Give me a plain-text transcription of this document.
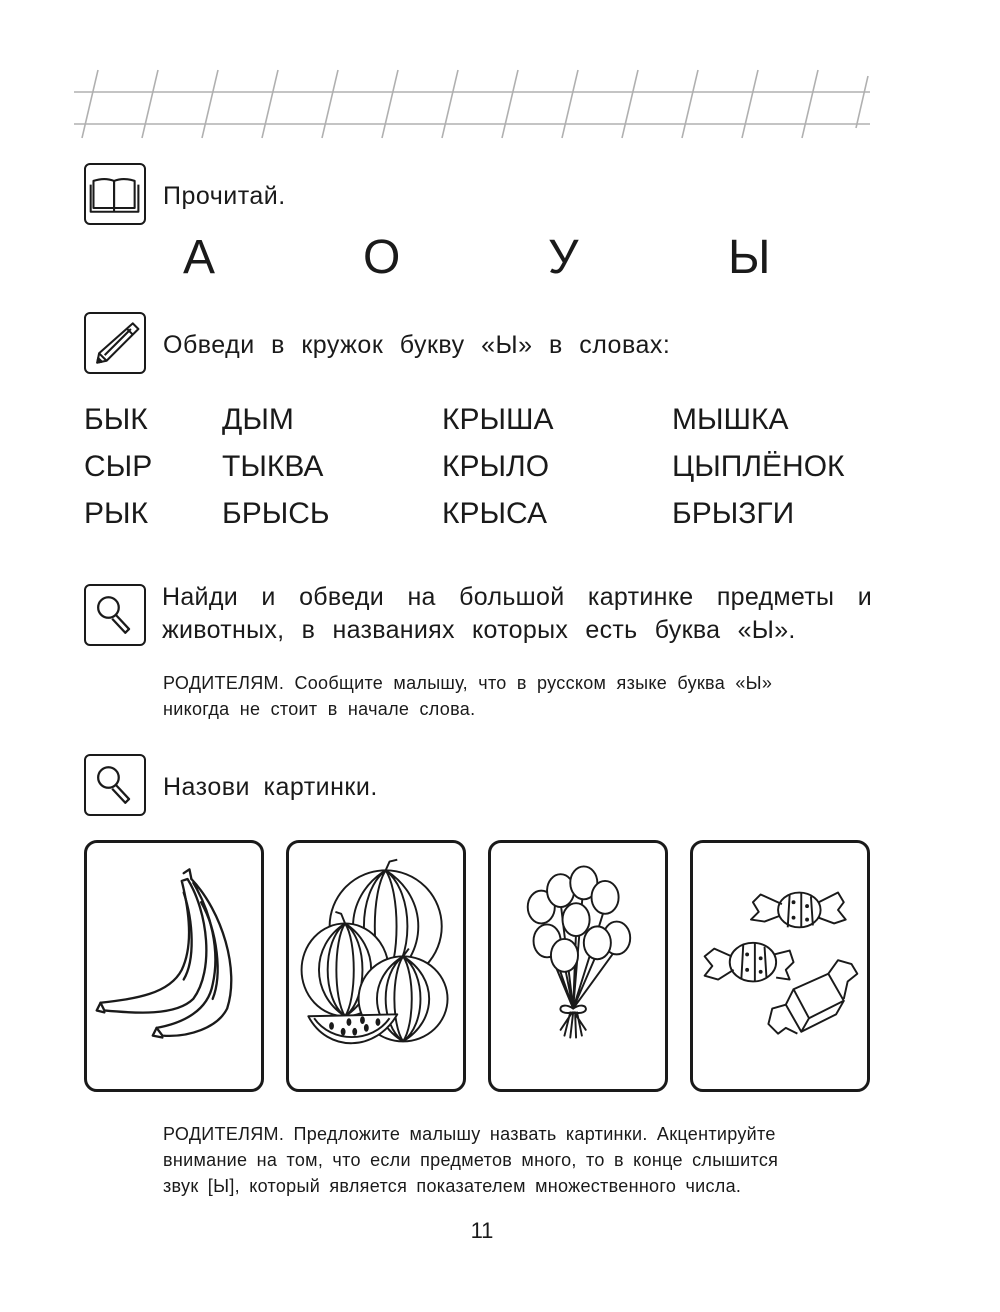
Прочитай.
А	О	У	Ы
Обведи в кружок букву «Ы» в словах:
БЫК ДЫМ	КРЫША	МЫШКА
СЫР ТЫКВА	КРЫЛО	ЦЫПЛЁНОК
РЫК БРЫСЬ	КРЫСА	БРЫЗГИ
Найди и обведи на большой картинке предметы и
животных, в названиях которых есть буква «Ы».
РОДИТЕЛЯМ. Сообщите малышу, что в русском языке буква «Ы»
никогда не стоит в начале слова.
Назови картинки.
РОДИТЕЛЯМ. Предложите малышу назвать картинки. Акцентируйте
внимание на том, что если предметов много, то в конце слышится
звук [Ы], который является показателем множественного числа.
11
